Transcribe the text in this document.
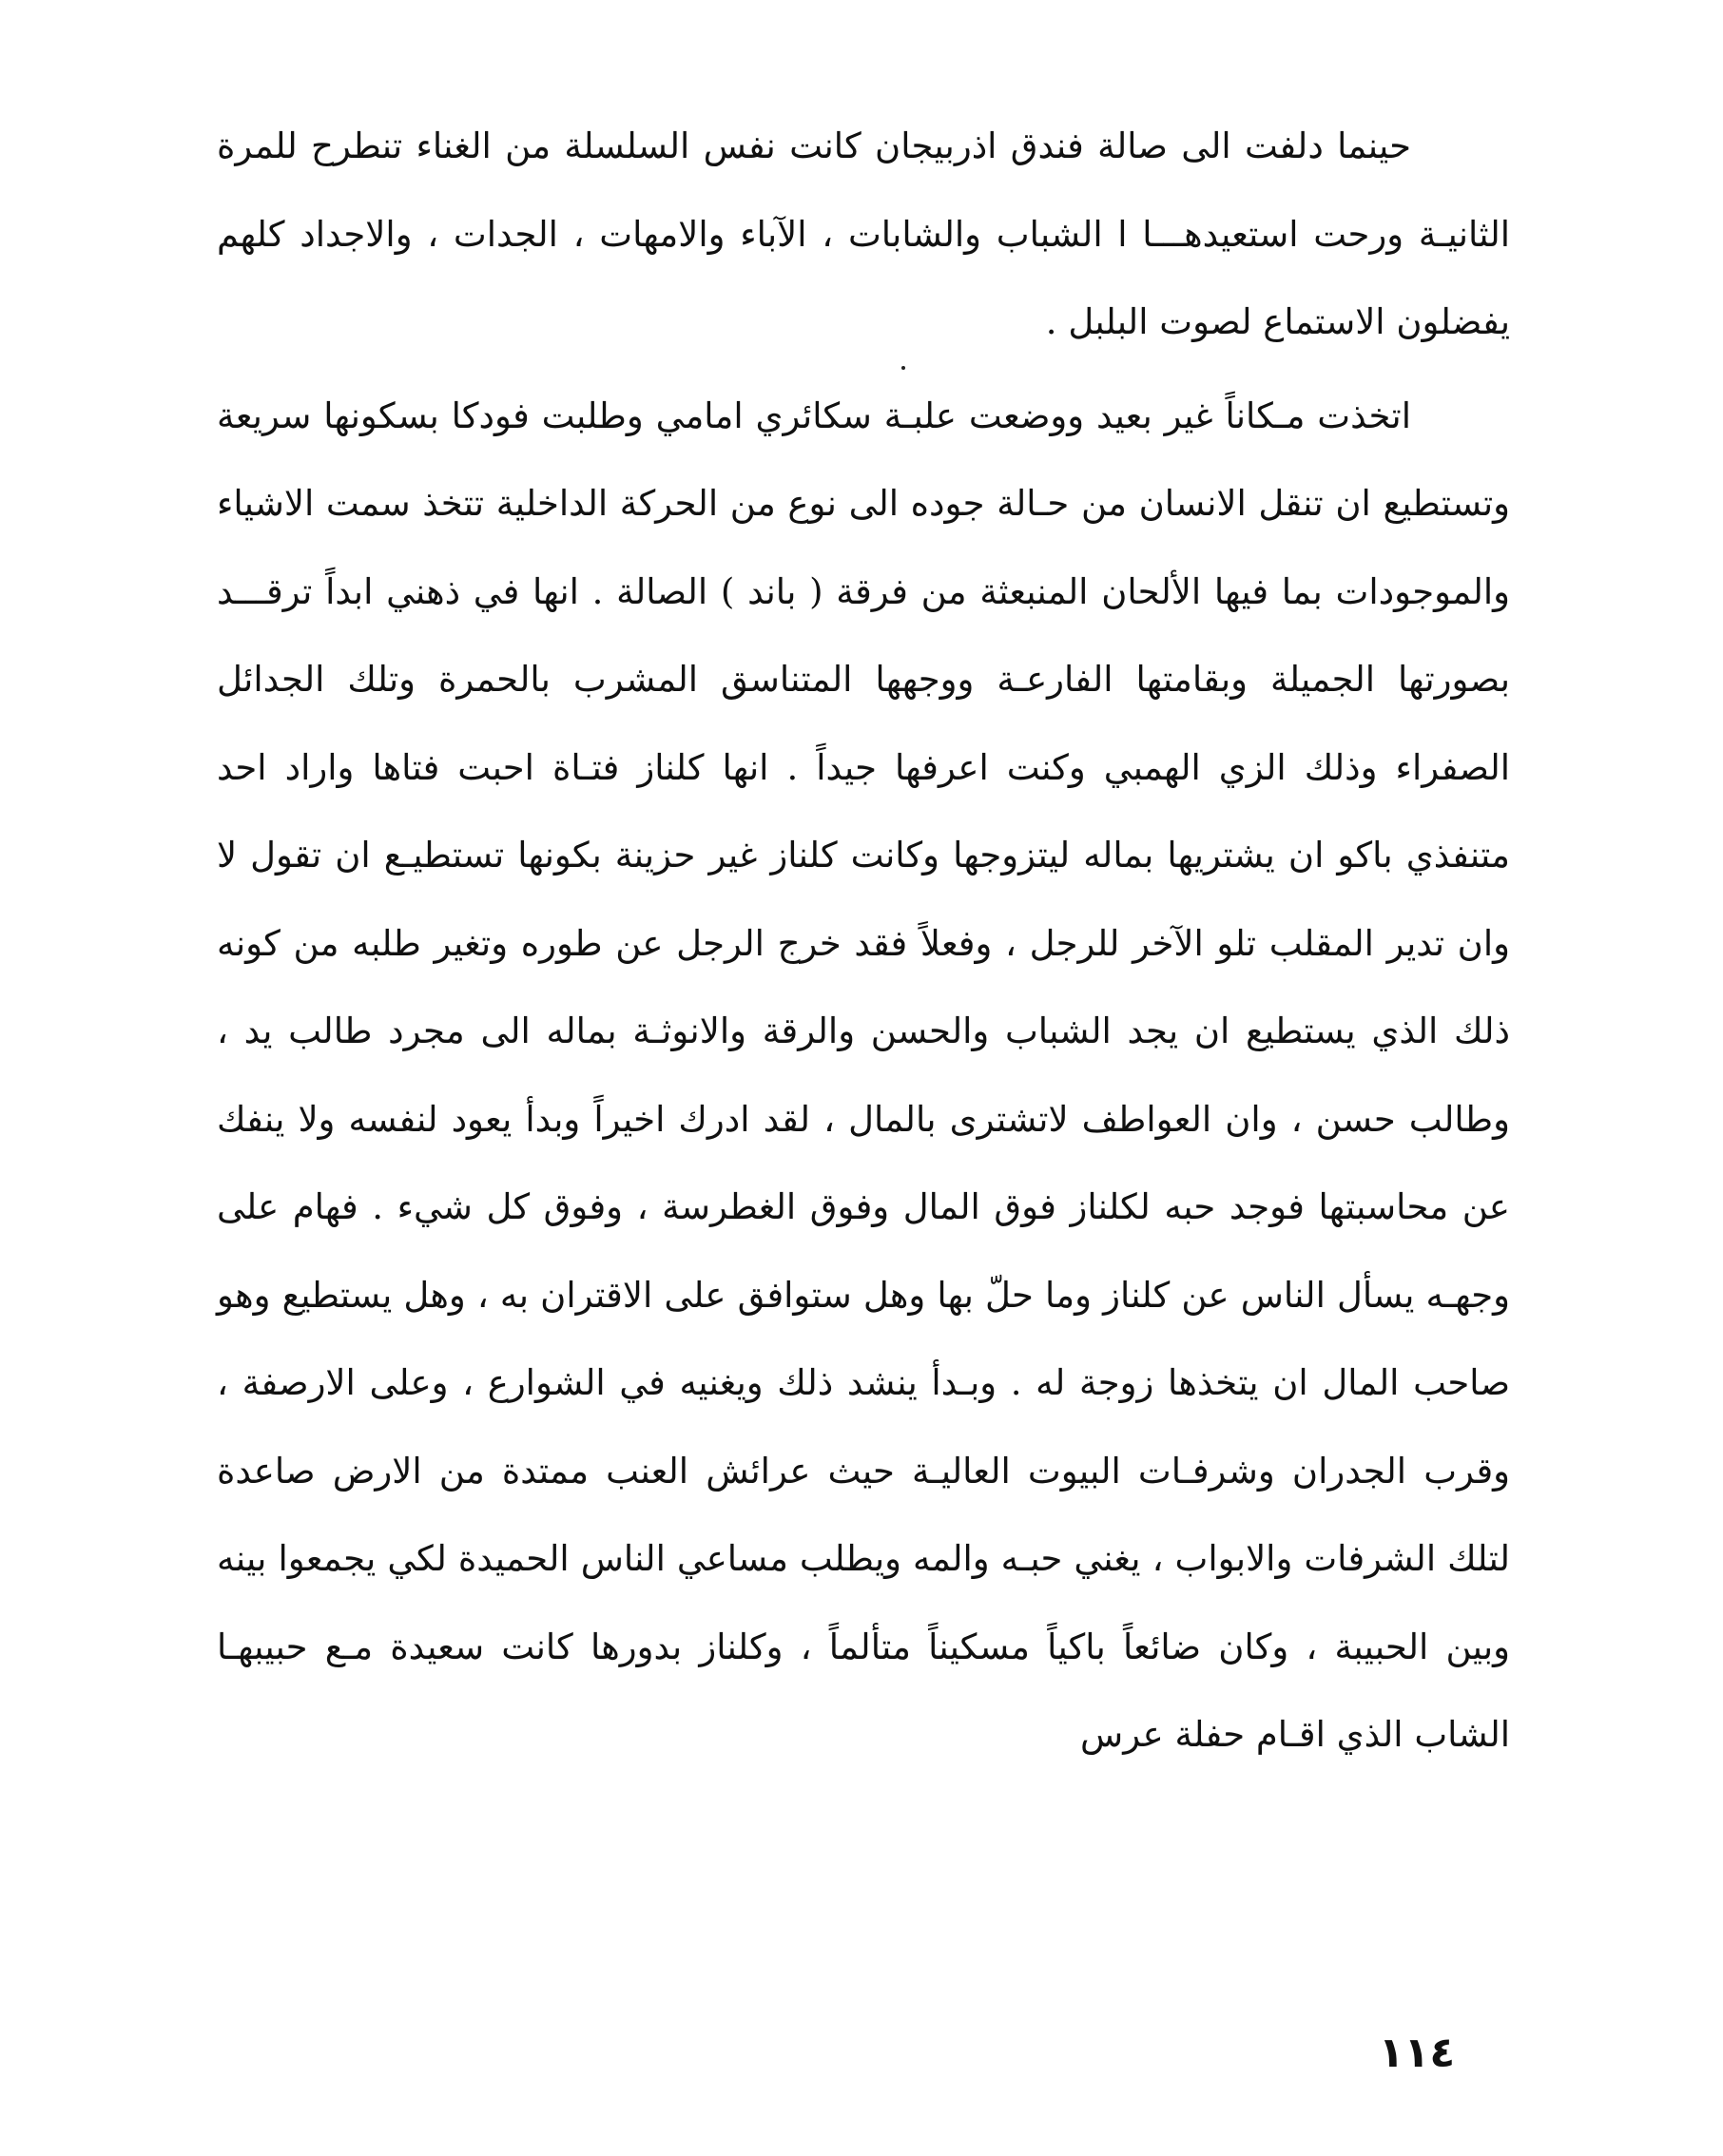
حينما دلفت الى صالة فندق اذربيجان كانت نفس السلسلة من الغناء تنطرح للمرة الثانيـة ورحت استعيدهـــا ا الشباب والشابات ، الآباء والامهات ، الجدات ، والاجداد كلهم يفضلون الاستماع لصوت البلبل .

اتخذت مـكاناً غير بعيد ووضعت علبـة سكائري امامي وطلبت فودكا بسكونها سريعة وتستطيع ان تنقل الانسان من حـالة جوده الى نوع من الحركة الداخلية تتخذ سمت الاشياء والموجودات بما فيها الألحان المنبعثة من فرقة ( باند ) الصالة . انها في ذهني ابداً ترقـــد بصورتها الجميلة وبقامتها الفارعـة ووجهها المتناسق المشرب بالحمرة وتلك الجدائل الصفراء وذلك الزي الهمبي وكنت اعرفها جيداً . انها كلناز فتـاة احبت فتاها واراد احد متنفذي باكو ان يشتريها بماله ليتزوجها وكانت كلناز غير حزينة بكونها تستطيـع ان تقول لا وان تدير المقلب تلو الآخر للرجل ، وفعلاً فقد خرج الرجل عن طوره وتغير طلبه من كونه ذلك الذي يستطيع ان يجد الشباب والحسن والرقة والانوثـة بماله الى مجرد طالب يد ، وطالب حسن ، وان العواطف لاتشترى بالمال ، لقد ادرك اخيراً وبدأ يعود لنفسه ولا ينفك عن محاسبتها فوجد حبه لكلناز فوق المال وفوق الغطرسة ، وفوق كل شيء . فهام على وجهـه يسأل الناس عن كلناز وما حلّ بها وهل ستوافق على الاقتران به ، وهل يستطيع وهو صاحب المال ان يتخذها زوجة له . وبـدأ ينشد ذلك ويغنيه في الشوارع ، وعلى الارصفة ، وقرب الجدران وشرفـات البيوت العاليـة حيث عرائش العنب ممتدة من الارض صاعدة لتلك الشرفات والابواب ، يغني حبـه والمه ويطلب مساعي الناس الحميدة لكي يجمعوا بينه وبين الحبيبة ، وكان ضائعاً باكياً مسكيناً متألماً ، وكلناز بدورها كانت سعيدة مـع حبيبهـا الشاب الذي اقـام حفلة عرس

١١٤
